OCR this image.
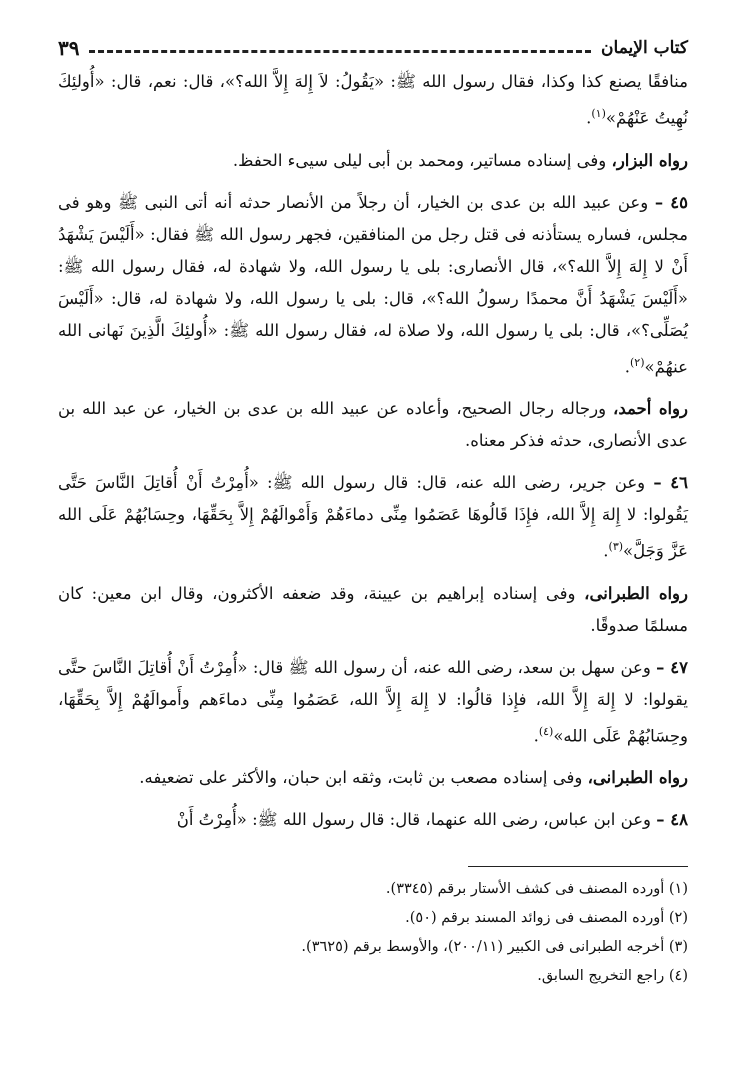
كتاب الإيمان
٣٩

منافقًا يصنع كذا وكذا، فقال رسول الله ﷺ: «يَقُولُ: لاَ إِلهَ إِلاَّ الله؟»، قال: نعم، قال: «أُولئِكَ نُهِيتُ عَنْهُمْ»$^{(١)}$.

رواه البزار، وفى إسناده مساتير، ومحمد بن أبى ليلى سيىء الحفظ.

٤٥ – وعن عبيد الله بن عدى بن الخيار، أن رجلاً من الأنصار حدثه أنه أتى النبى ﷺ وهو فى مجلس، فساره يستأذنه فى قتل رجل من المنافقين، فجهر رسول الله ﷺ فقال: «أَلَيْسَ يَشْهَدُ أَنْ لا إِلهَ إِلاَّ الله؟»، قال الأنصارى: بلى يا رسول الله، ولا شهادة له، فقال رسول الله ﷺ: «أَلَيْسَ يَشْهَدُ أَنَّ محمدًا رسولُ الله؟»، قال: بلى يا رسول الله، ولا شهادة له، قال: «أَلَيْسَ يُصَلِّى؟»، قال: بلى يا رسول الله، ولا صلاة له، فقال رسول الله ﷺ: «أُولئِكَ الَّذِينَ نَهانى الله عنهُمْ»$^{(٢)}$.

رواه أحمد، ورجاله رجال الصحيح، وأعاده عن عبيد الله بن عدى بن الخيار، عن عبد الله بن عدى الأنصارى، حدثه فذكر معناه.

٤٦ – وعن جرير، رضى الله عنه، قال: قال رسول الله ﷺ: «أُمِرْتُ أَنْ أُقاتِلَ النَّاسَ حَتَّى يَقُولوا: لا إِلهَ إِلاَّ الله، فإِذَا قَالُوهَا عَصَمُوا مِنِّى دماءَهُمْ وَأَمْوالَهُمْ إِلاَّ بِحَقِّهَا، وحِسَابُهُمْ عَلَى الله عَزَّ وَجَلَّ»$^{(٣)}$.

رواه الطبرانى، وفى إسناده إبراهيم بن عيينة، وقد ضعفه الأكثرون، وقال ابن معين: كان مسلمًا صدوقًا.

٤٧ – وعن سهل بن سعد، رضى الله عنه، أن رسول الله ﷺ قال: «أُمِرْتُ أَنْ أُقاتِلَ النَّاسَ حتَّى يقولوا: لا إِلهَ إِلاَّ الله، فإِذا قالُوا: لا إِلهَ إِلاَّ الله، عَصَمُوا مِنِّى دماءَهم وأَموالَهُمْ إِلاَّ بِحَقِّهَا، وحِسَابُهُمْ عَلَى الله»$^{(٤)}$.

رواه الطبرانى، وفى إسناده مصعب بن ثابت، وثقه ابن حبان، والأكثر على تضعيفه.

٤٨ – وعن ابن عباس، رضى الله عنهما، قال: قال رسول الله ﷺ: «أُمِرْتُ أَنْ

(١) أورده المصنف فى كشف الأستار برقم (٣٣٤٥).

(٢) أورده المصنف فى زوائد المسند برقم (٥٠).

(٣) أخرجه الطبرانى فى الكبير (٢٠٠/١١)، والأوسط برقم (٣٦٢٥).

(٤) راجع التخريج السابق.
